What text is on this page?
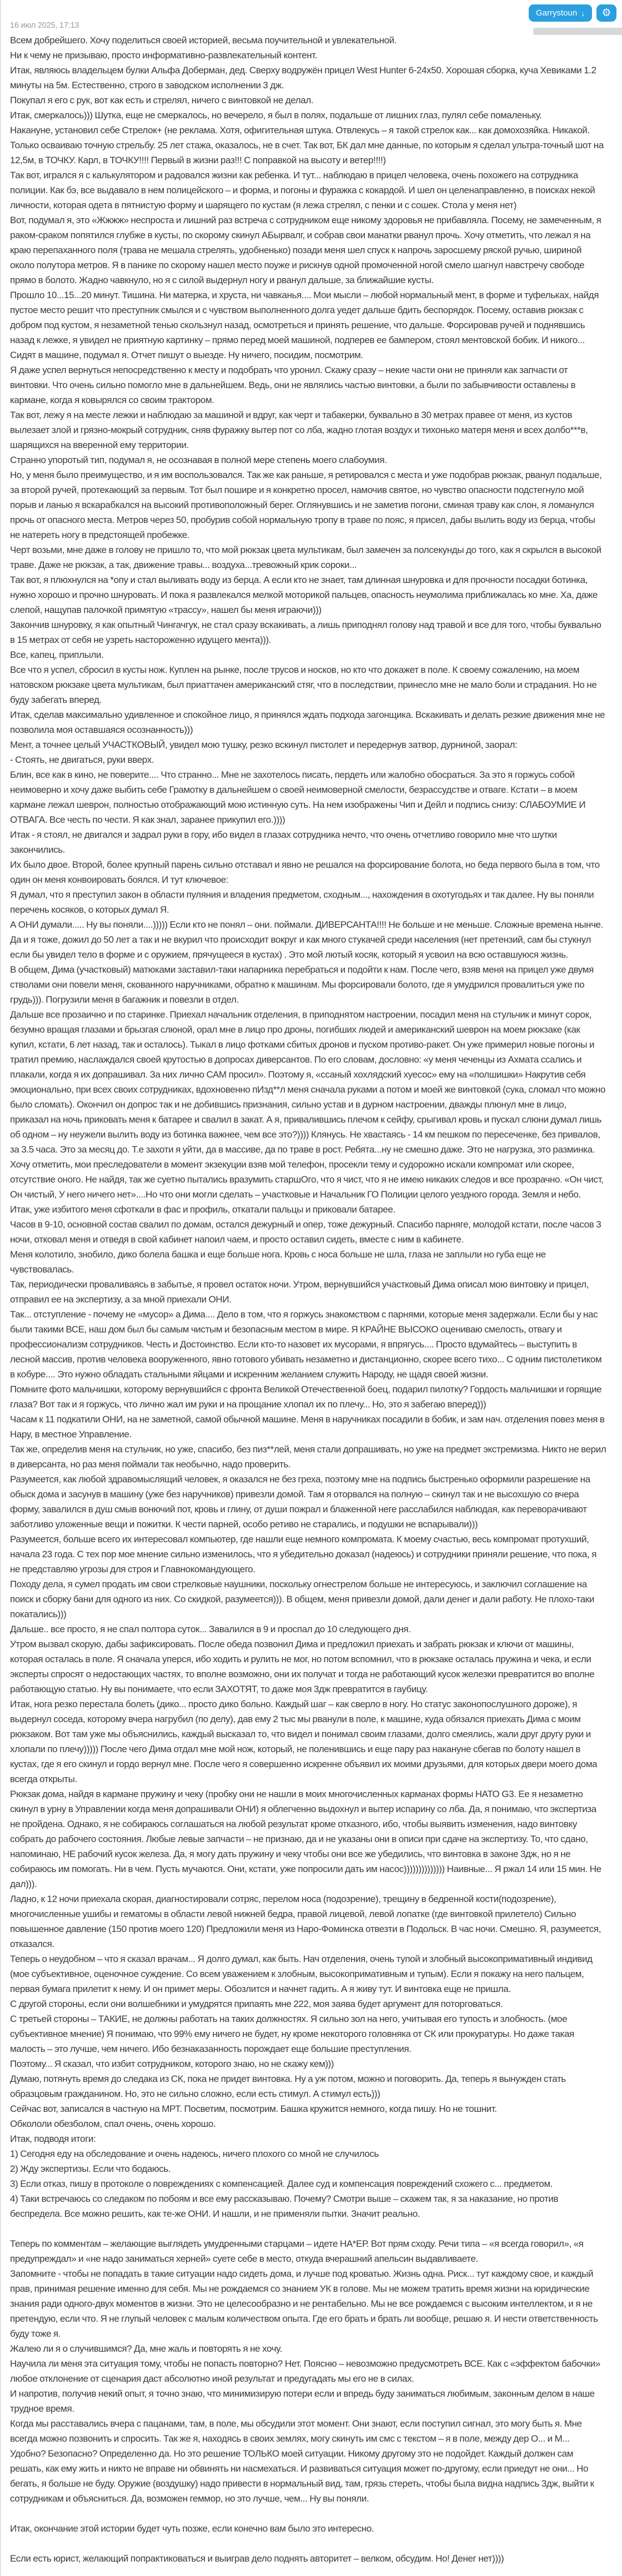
Garrystoun ↓ ⚙
16 июл 2025, 17:13

Всем добрейшего. Хочу поделиться своей историей, весьма поучительной и увлекательной.

Ни к чему не призываю, просто информативно-развлекательный контент.

Итак, являюсь владельцем булки Альфа Доберман, дед. Сверху водружён прицел West Hunter 6-24x50. Хорошая сборка, куча Хевиками 1.2 минуты на 5м. Естественно, строго в заводском исполнении 3 дж.

Покупал я его с рук, вот как есть и стрелял, ничего с винтовкой не делал.

Итак, смеркалось))) Шутка, еще не смеркалось, но вечерело, я был в полях, подальше от лишних глаз, пулял себе помаленьку.

Накануне, установил себе Стрелок+ (не реклама. Хотя, офигительная штука. Отвлекусь – я такой стрелок как... как домохозяйка. Никакой. Только осваиваю точную стрельбу. 25 лет стажа, оказалось, не в счет. Так вот, БК дал мне данные, по которым я сделал ультра-точный шот на 12,5м, в ТОЧКУ. Карл, в ТОЧКУ!!!! Первый в жизни раз!!! С поправкой на высоту и ветер!!!!)

Так вот, игрался я с калькулятором и радовался жизни как ребенка. И тут... наблюдаю в прицел человека, очень похожего на сотрудника полиции. Как бэ, все выдавало в нем полицейского – и форма, и погоны и фуражка с кокардой. И шел он целенаправленно, в поисках некой личности, которая одета в пятнистую форму и шарящего по кустам (я лежа стрелял, с пенки и с сошек. Стола у меня нет)

Вот, подумал я, это «Жжжж» неспроста и лишний раз встреча с сотрудником еще никому здоровья не прибавляла. Посему, не замеченным, я раком-сраком попятился глубже в кусты, по скорому скинул АБырвалг, и собрав свои манатки рванул прочь. Хочу отметить, что лежал я на краю перепаханного поля (трава не мешала стрелять, удобненько) позади меня шел спуск к напрочь заросшему ряской ручью, шириной около полутора метров. Я в панике по скорому нашел место поуже и рискнув одной промоченной ногой смело шагнул навстречу свободе прямо в болото. Жадно чавкнуло, но я с силой выдернул ногу и рванул дальше, за ближайшие кусты.

Прошло 10...15...20 минут. Тишина. Ни матерка, и хруста, ни чавканья.... Мои мысли – любой нормальный мент, в форме и туфельках, найдя пустое место решит что преступник смылся и с чувством выполненного долга уедет дальше бдить беспорядок. Посему, оставив рюкзак с добром под кустом, я незаметной тенью скользнул назад, осмотреться и принять решение, что дальше. Форсировав ручей и поднявшись назад к лежке, я увидел не приятную картинку – прямо перед моей машиной, подперев ее бампером, стоял ментовской бобик. И никого...

Сидят в машине, подумал я. Отчет пишут о выезде. Ну ничего, посидим, посмотрим.

Я даже успел вернуться непосредственно к месту и подобрать что уронил. Скажу сразу – некие части они не приняли как запчасти от винтовки. Что очень сильно помогло мне в дальнейшем. Ведь, они не являлись частью винтовки, а были по забывчивости оставлены в кармане, когда я ковырялся со своим трактором.

Так вот, лежу я на месте лежки и наблюдаю за машиной и вдруг, как черт и табакерки, буквально в 30 метрах правее от меня, из кустов вылезает злой и грязно-мокрый сотрудник, сняв фуражку вытер пот со лба, жадно глотая воздух и тихонько матеря меня и всех долбо***в, шарящихся на вверенной ему территории.

Странно упоротый тип, подумал я, не осознавая в полной мере степень моего слабоумия.

Но, у меня было преимущество, и я им воспользовался. Так же как раньше, я ретировался с места и уже подобрав рюкзак, рванул подальше, за второй ручей, протекающий за первым. Тот был пошире и я конкретно просел, намочив святое, но чувство опасности подстегнуло мой порыв и ланью я вскарабкался на высокий противоположный берег. Оглянувшись и не заметив погони, сминая траву как слон, я ломанулся прочь от опасного места. Метров через 50, пробурив собой нормальную тропу в траве по пояс, я присел, дабы вылить воду из берца, чтобы не натереть ногу в предстоящей пробежке.

Черт возьми, мне даже в голову не пришло то, что мой рюкзак цвета мультикам, был замечен за полсекунды до того, как я скрылся в высокой траве. Даже не рюкзак, а так, движение травы... воздуха...тревожный крик сороки...

Так вот, я плюхнулся на *опу и стал выливать воду из берца. А если кто не знает, там длинная шнуровка и для прочности посадки ботинка, нужно хорошо и прочно шнуровать. И пока я развлекался мелкой моторикой пальцев, опасность неумолима приближалась ко мне. Ха, даже слепой, нащупав палочкой примятую «трассу», нашел бы меня играючи)))

Закончив шнуровку, я как опытный Чингачгук, не стал сразу вскакивать, а лишь приподнял голову над травой и все для того, чтобы буквально в 15 метрах от себя не узреть настороженно идущего мента))).

Все, капец, приплыли.

Все что я успел, сбросил в кусты нож. Куплен на рынке, после трусов и носков, но кто что докажет в поле. К своему сожалению, на моем натовском рюкзаке цвета мультикам, был приаттачен американский стяг, что в последствии, принесло мне не мало боли и страдания. Но не буду забегать вперед.

Итак, сделав максимально удивленное и спокойное лицо, я принялся ждать подхода загонщика. Вскакивать и делать резкие движения мне не позволила моя оставшаяся осознанность)))

Мент, а точнее целый УЧАСТКОВЫЙ, увидел мою тушку, резко вскинул пистолет и передернув затвор, дурниной, заорал:

- Стоять, не двигаться, руки вверх.

Блин, все как в кино, не поверите.... Что странно... Мне не захотелось писать, пердеть или жалобно обосраться. За это я горжусь собой неимоверно и хочу даже выбить себе Грамотку в дальнейшем о своей неимоверной смелости, безрассудстве и отваге. Кстати – в моем кармане лежал шеврон, полностью отображающий мою истинную суть. На нем изображены Чип и Дейл и подпись снизу: СЛАБОУМИЕ И ОТВАГА. Все честь по чести. Я как знал, заранее прикупил его.))))

Итак - я стоял, не двигался и задрал руки в гору, ибо видел в глазах сотрудника нечто, что очень отчетливо говорило мне что шутки закончились.

Их было двое. Второй, более крупный парень сильно отставал и явно не решался на форсирование болота, но беда первого была в том, что один он меня конвоировать боялся. И тут ключевое:

Я думал, что я преступил закон в области пуляния и владения предметом, сходным..., нахождения в охотугодьях и так далее. Ну вы поняли перечень косяков, о которых думал Я.

А ОНИ думали..... Ну вы поняли....))))) Если кто не понял – они. поймали. ДИВЕРСАНТА!!!! Не больше и не меньше. Сложные времена нынче. Да и я тоже, дожил до 50 лет а так и не вкурил что происходит вокруг и как много стукачей среди населения (нет претензий, сам бы стукнул если бы увидел тело в форме и с оружием, прячущееся в кустах) . Это мой лютый косяк, который я усвоил на всю оставшуюся жизнь.

В общем, Дима (участковый) матюками заставил-таки напарника перебраться и подойти к нам. После чего, взяв меня на прицел уже двумя стволами они повели меня, скованного наручниками, обратно к машинам. Мы форсировали болото, где я умудрился провалиться уже по грудь))). Погрузили меня в багажник и повезли в отдел.

Дальше все прозаично и по старинке. Приехал начальник отделения, в приподнятом настроении, посадил меня на стульчик и минут сорок, безумно вращая глазами и брызгая слюной, орал мне в лицо про дроны, погибших людей и американский шеврон на моем рюкзаке (как купил, кстати, 6 лет назад, так и осталось). Тыкал в лицо фотками сбитых дронов и пуском противо-ракет. Он уже примерил новые погоны и тратил премию, наслаждался своей крутостью в допросах диверсантов. По его словам, дословно: «у меня чеченцы из Ахмата ссались и плакали, когда я их допрашивал. За них лично САМ просил». Поэтому я, «ссаный хохлядский хуесос» ему на «полшишки» Накрутив себя эмоционально, при всех своих сотрудниках, вдохновенно пИзд**л меня сначала руками а потом и моей же винтовкой (сука, сломал что можно было сломать). Окончил он допрос так и не добившись признания, сильно устав и в дурном настроении, дважды плюнул мне в лицо, приказал на ночь приковать меня к батарее и свалил в закат. А я, привалившись плечом к сейфу, срыгивал кровь и пускал слюни думал лишь об одном – ну неужели вылить воду из ботинка важнее, чем все это?)))) Клянусь. Не хвастаясь - 14 км пешком по пересеченке, без привалов, за 3.5 часа. Это за месяц до. Т.е захоти я уйти, да в массиве, да по траве в рост. Ребята...ну не смешно даже. Это не нагрузка, это разминка.

Хочу отметить, мои преследователи в момент экзекуции взяв мой телефон, просекли тему и судорожно искали компромат или скорее, отсутствие оного. Не найдя, так же суетно пытались вразумить старшОго, что я чист, что я не имею никаких следов и все прозрачно. «Он чист, Он чистый, У него ничего нет»....Но что они могли сделать – участковые и Начальник ГО Полиции целого уездного города. Земля и небо.

Итак, уже избитого меня сфоткали в фас и профиль, откатали пальцы и приковали батарее.

Часов в 9-10, основной состав свалил по домам, остался дежурный и опер, тоже дежурный. Спасибо парняге, молодой кстати, после часов 3 ночи, отковал меня и отведя в свой кабинет напоил чаем, и просто оставил сидеть, вместе с ним в кабинете.

Меня колотило, знобило, дико болела башка и еще больше нога. Кровь с носа больше не шла, глаза не заплыли но губа еще не чувствовалась.

Так, периодически проваливаясь в забытье, я провел остаток ночи. Утром, вернувшийся участковый Дима описал мою винтовку и прицел, отправил ее на экспертизу, а за мной приехали ОНИ.

Так... отступление - почему не «мусор» а Дима.... Дело в том, что я горжусь знакомством с парнями, которые меня задержали. Если бы у нас были такими ВСЕ, наш дом был бы самым чистым и безопасным местом в мире. Я КРАЙНЕ ВЫСОКО оцениваю смелость, отвагу и профессионализм сотрудников. Честь и Достоинство. Если кто-то назовет их мусорами, я впрягусь.... Просто вдумайтесь – выступить в лесной массив, против человека вооруженного, явно готового убивать незаметно и дистанционно, скорее всего тихо... С одним пистолетиком в кобуре.... Это нужно обладать стальными яйцами и искренним желанием служить Народу, не щадя своей жизни.

Помните фото мальчишки, которому вернувшийся с фронта Великой Отечественной боец, подарил пилотку? Гордость мальчишки и горящие глаза? Вот так и я горжусь, что лично жал им руки и на прощание хлопал их по плечу... Но, это я забегаю вперед)))

Часам к 11 подкатили ОНИ, на не заметной, самой обычной машине. Меня в наручниках посадили в бобик, и зам нач. отделения повез меня в Нару, в местное Управление.

Так же, определив меня на стульчик, но уже, спасибо, без пиз**лей, меня стали допрашивать, но уже на предмет экстремизма. Никто не верил в диверсанта, но раз меня поймали так необычно, надо проверить.

Разумеется, как любой здравомыслящий человек, я оказался не без греха, поэтому мне на подпись быстренько оформили разрешение на обыск дома и засунув в машину (уже без наручников) привезли домой. Там я оторвался на полную – скинул так и не высохшую со вчера форму, завалился в душ смыв вонючий пот, кровь и глину, от души пожрал и блаженной неге расслабился наблюдая, как переворачивают заботливо уложенные вещи и пожитки. К чести парней, особо ретиво не старались, и подушки не вспарывали)))

Разумеется, больше всего их интересовал компьютер, где нашли еще немного компромата. К моему счастью, весь компромат протухший, начала 23 года. С тех пор мое мнение сильно изменилось, что я убедительно доказал (надеюсь) и сотрудники приняли решение, что пока, я не представляю угрозы для строя и Главнокомандующего.

Походу дела, я сумел продать им свои стрелковые наушники, поскольку огнестрелом больше не интересуюсь, и заключил соглашение на поиск и сборку бани для одного из них. Со скидкой, разумеется))). В общем, меня привезли домой, дали денег и дали работу. Не плохо-таки покатались)))

Дальше.. все просто, я не спал полтора суток... Завалился в 9 и проспал до 10 следующего дня.

Утром вызвал скорую, дабы зафиксировать. После обеда позвонил Дима и предложил приехать и забрать рюкзак и ключи от машины, которая осталась в поле. Я сначала уперся, ибо ходить и рулить не мог, но потом вспомнил, что в рюкзаке осталась пружина и чека, и если эксперты спросят о недостающих частях, то вполне возможно, они их получат и тогда не работающий кусок железки превратится во вполне работающую статью. Ну вы понимаете, что если ЗАХОТЯТ, то даже моя 3дж превратится в гаубицу.

Итак, нога резко перестала болеть (дико... просто дико больно. Каждый шаг – как сверло в ногу. Но статус законопослушного дороже), я выдернул соседа, которому вчера нагрубил (по делу), дав ему 2 тыс мы рванули в поле, к машине, куда обязался приехать Дима с моим рюкзаком. Вот там уже мы объяснились, каждый высказал то, что видел и понимал своим глазами, долго смеялись, жали друг другу руки и хлопали по плечу))))) После чего Дима отдал мне мой нож, который, не поленившись и еще пару раз накануне сбегав по болоту нашел в кустах, где я его скинул и гордо вернул мне. После чего я совершенно искренне объявил их моими друзьями, для которых двери моего дома всегда открыты.

Рюкзак дома, найдя в кармане пружину и чеку (пробку они не нашли в моих многочисленных карманах формы НАТО G3. Ее я незаметно скинул в урну в Управлении когда меня допрашивали ОНИ) я облегченно выдохнул и вытер испарину со лба. Да, я понимаю, что экспертиза не пройдена. Однако, я не собираюсь соглашаться на любой результат кроме отказного, ибо, чтобы выявить изменения, надо винтовку собрать до рабочего состояния. Любые левые запчасти – не признаю, да и не указаны они в описи при сдаче на экспертизу. То, что сдано, напоминаю, НЕ рабочий кусок железа. Да, я могу дать пружину и чеку чтобы они все же убедились, что винтовка в законе 3дж, но я не собираюсь им помогать. Ни в чем. Пусть мучаются. Они, кстати, уже попросили дать им насос)))))))))))))) Наивные... Я ржал 14 или 15 мин. Не дал))).

Ладно, к 12 ночи приехала скорая, диагностировали сотряс, перелом носа (подозрение), трещину в бедренной кости(подозрение), многочисленные ушибы и гематомы в области левой нижней бедра, правой лицевой, левой лопатке (где винтовкой прилетело) Сильно повышенное давление (150 против моего 120) Предложили меня из Наро-Фоминска отвезти в Подольск. В час ночи. Смешно. Я, разумеется, отказался.

Теперь о неудобном – что я сказал врачам... Я долго думал, как быть. Нач отделения, очень тупой и злобный высокопримативный индивид (мое субъективное, оценочное суждение. Со всем уважением к злобным, высокопримативным и тупым). Если я покажу на него пальцем, первая бумага прилетит к нему. И он примет меры. Обозлится и начнет гадить. А я живу тут. И винтовка еще не пришла.

С другой стороны, если они волшебники и умудрятся припаять мне 222, моя заява будет аргумент для поторговаться.

С третьей стороны – ТАКИЕ, не должны работать на таких должностях. Я сильно зол на него, учитывая его тупость и злобность. (мое субъективное мнение) Я понимаю, что 99% ему ничего не будет, ну кроме некоторого головняка от СК или прокуратуры. Но даже такая малость – это лучше, чем ничего. Ибо безнаказанность порождает еще большие преступления.

Поэтому... Я сказал, что избит сотрудником, которого знаю, но не скажу кем)))

Думаю, потянуть время до следака из СК, пока не придет винтовка. Ну а уж потом, можно и поговорить. Да, теперь я вынужден стать образцовым гражданином. Но, это не сильно сложно, если есть стимул. А стимул есть)))

Сейчас вот, записался в частную на МРТ. Посветим, посмотрим. Башка кружится немного, когда пишу. Но не тошнит.

Обкололи обезболом, спал очень, очень хорошо.

Итак, подводя итоги:

1) Сегодня еду на обследование и очень надеюсь, ничего плохого со мной не случилось

2) Жду экспертизы. Если что бодаюсь.

3) Если отказ, пишу в протоколе о повреждениях с компенсацией. Далее суд и компенсация повреждений схожего с... предметом.

4) Таки встречаюсь со следаком по побоям и все ему рассказываю. Почему? Смотри выше – скажем так, я за наказание, но против беспредела. Все можно решить, как те-же ОНИ. И нашли, и не применяли пытки. Значит реально.

Теперь по комментам – желающие выглядеть умудренными старцами – идете НА*ЕР. Вот прям сходу. Речи типа – «я всегда говорил», «я предупреждал» и «не надо заниматься херней» суете себе в место, откуда вчерашний апельсин выдавливаете.

Запомните - чтобы не попадать в такие ситуации надо сидеть дома, и лучше под кроватью. Жизнь одна. Риск... тут каждому свое, и каждый прав, принимая решение именно для себя. Мы не рождаемся со знанием УК в голове. Мы не можем тратить время жизни на юридические знания ради одного-двух моментов в жизни. Это не целесообразно и не рентабельно. Мы не все рождаемся с высоким интеллектом, и я не претендую, если что. Я не глупый человек с малым количеством опыта. Где его брать и брать ли вообще, решаю я. И нести ответственность буду тоже я.

Жалею ли я о случившимся? Да, мне жаль и повторять я не хочу.

Научила ли меня эта ситуация тому, чтобы не попасть повторно? Нет. Поясню – невозможно предусмотреть ВСЕ. Как с «эффектом бабочки» любое отклонение от сценария даст абсолютно иной результат и предугадать мы его не в силах.

И напротив, получив некий опыт, я точно знаю, что минимизирую потери если и впредь буду заниматься любимым, законным делом в наше трудное время.

Когда мы расставались вчера с пацанами, там, в поле, мы обсудили этот момент. Они знают, если поступил сигнал, это могу быть я. Мне всегда можно позвонить и спросить. Так же я, находясь в своих землях, могу скинуть им смс с текстом – я в поле, между дер О... и М... Удобно? Безопасно? Определенно да. Но это решение ТОЛЬКО моей ситуации. Никому другому это не подойдет. Каждый должен сам решать, как ему жить и никто не вправе ни обвинять ни насмехаться. И развиваться ситуация может по-другому, если приедут не они... Но бегать, я больше не буду. Оружие (воздушку) надо привести в нормальный вид, там, грязь стереть, чтобы была видна надпись 3дж, выйти к сотрудникам и объясниться. Да, возможен геммор, но это лучше, чем... Ну вы поняли.

Итак, окончание этой истории будет чуть позже, если конечно вам было это интересно.

Если есть юрист, желающий попрактиковаться и выиграв дело поднять авторитет – велком, обсудим. Но! Денег нет))))
